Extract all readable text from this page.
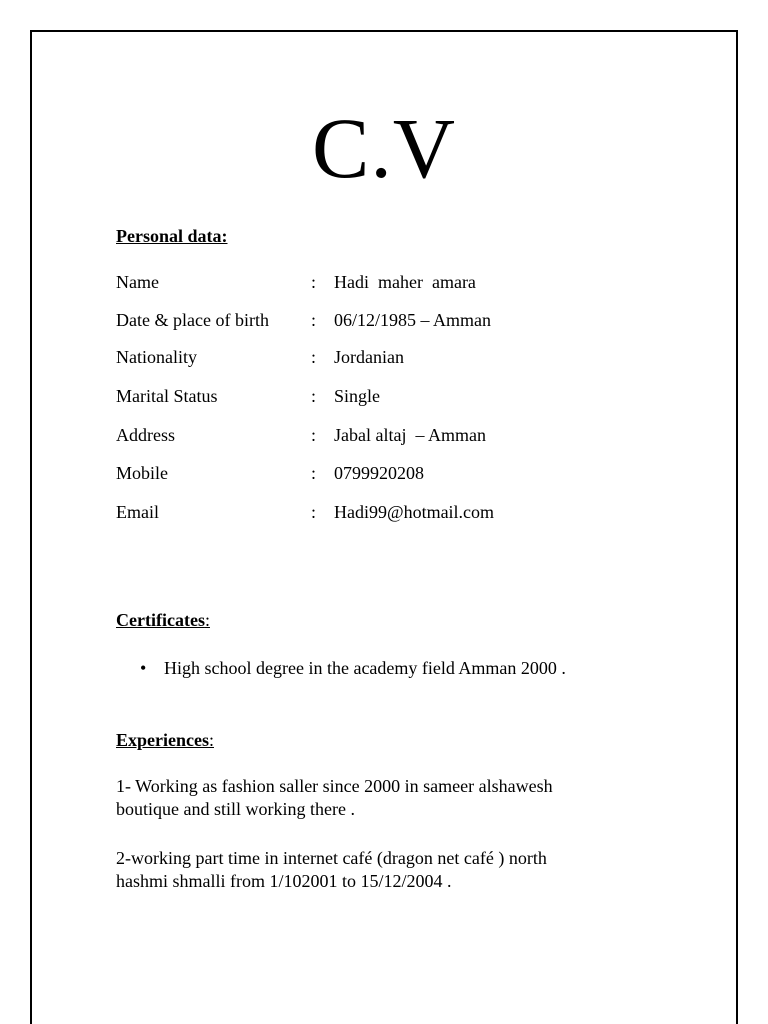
C.V
Personal data:
Name	: Hadi  maher  amara
Date & place of birth : 06/12/1985 – Amman
Nationality	: Jordanian
Marital Status	: Single
Address	: Jabal altaj  – Amman
Mobile	: 0799920208
Email	: Hadi99@hotmail.com
Certificates:

•

High school degree in the academy field Amman 2000 .

Experiences:
1- Working as fashion saller since 2000 in sameer alshawesh
boutique and still working there .
2-working part time in internet café (dragon net café ) north
hashmi shmalli from 1/102001 to 15/12/2004 .
